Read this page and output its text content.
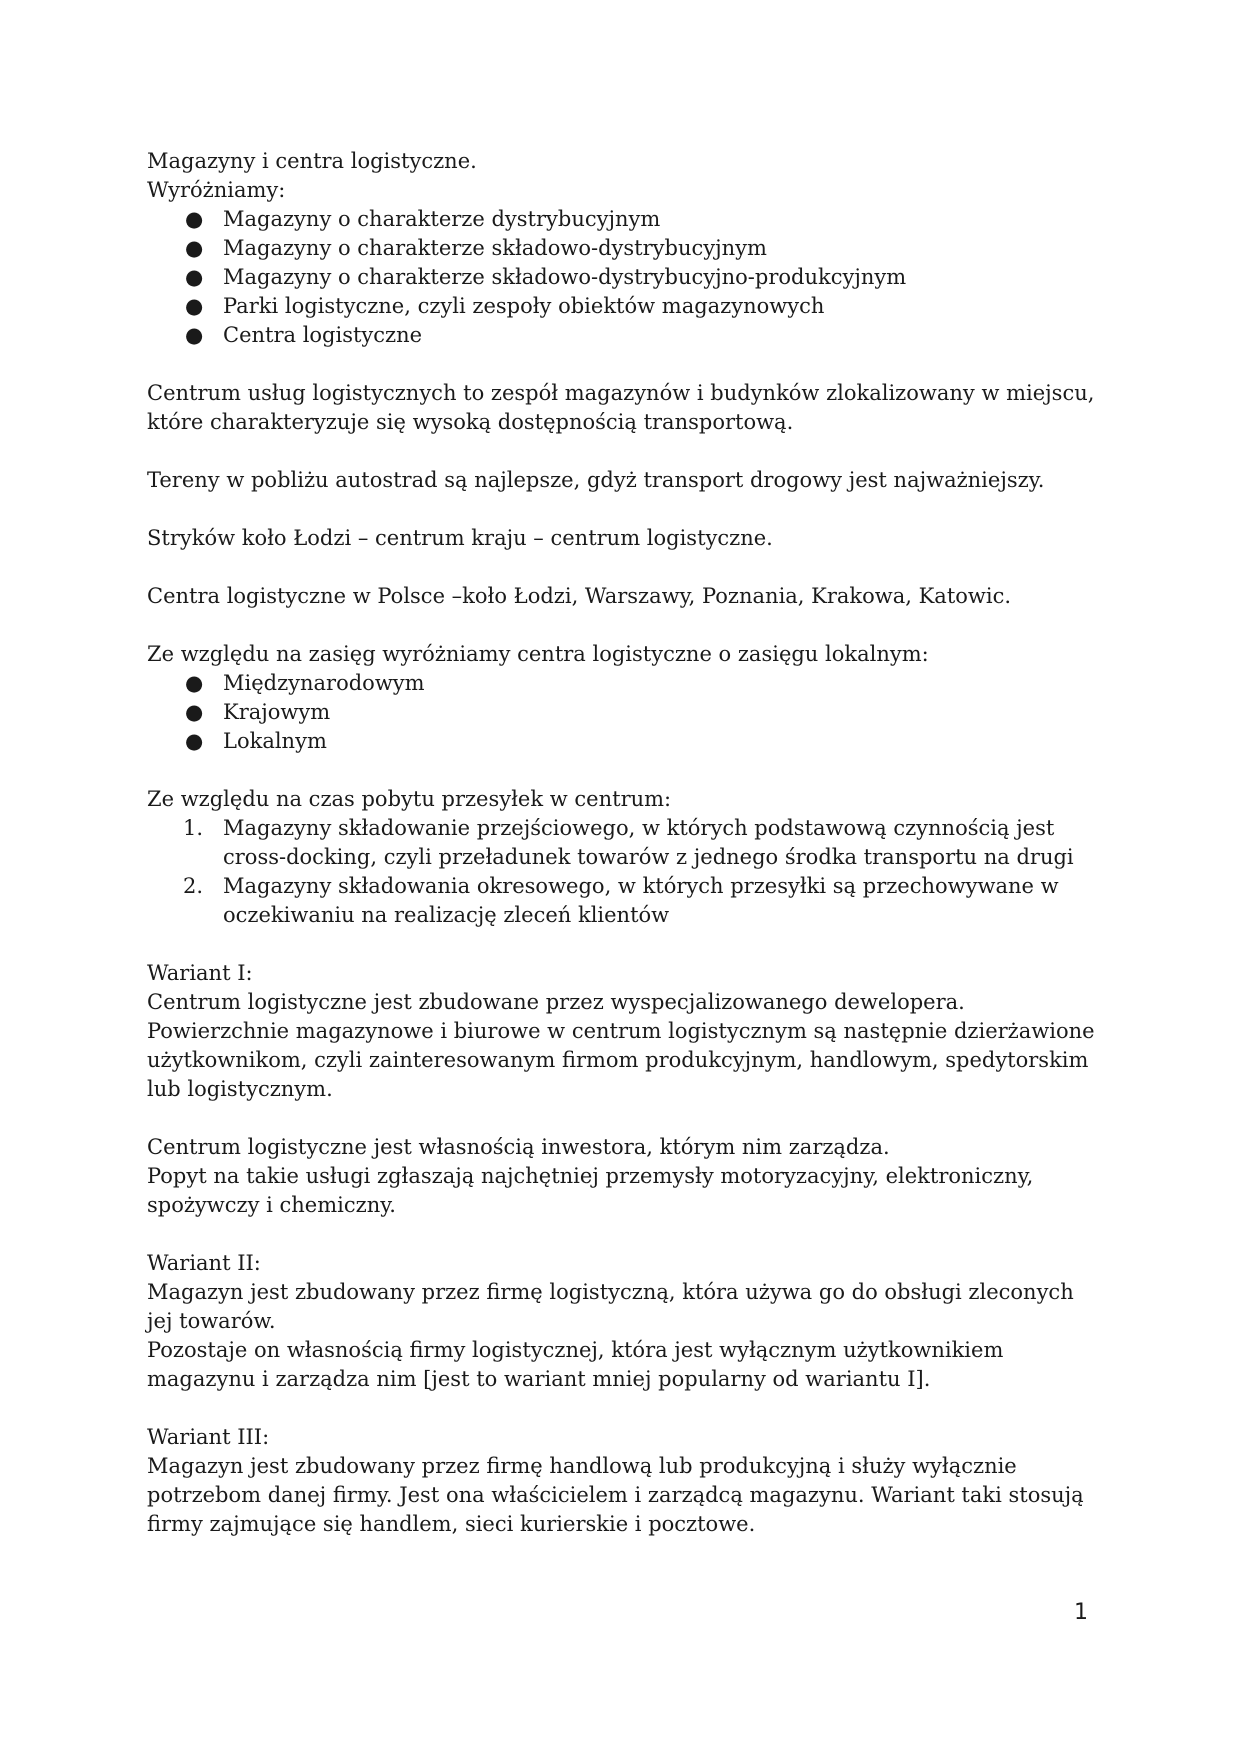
Magazyny i centra logistyczne.

Wyróżniamy:

● Magazyny o charakterze dystrybucyjnym
● Magazyny o charakterze składowo-dystrybucyjnym
● Magazyny o charakterze składowo-dystrybucyjno-produkcyjnym
● Parki logistyczne, czyli zespoły obiektów magazynowych
● Centra logistyczne

Centrum usług logistycznych to zespół magazynów i budynków zlokalizowany w miejscu, które charakteryzuje się wysoką dostępnością transportową.

Tereny w pobliżu autostrad są najlepsze, gdyż transport drogowy jest najważniejszy.

Stryków koło Łodzi – centrum kraju – centrum logistyczne.

Centra logistyczne w Polsce –koło Łodzi, Warszawy, Poznania, Krakowa, Katowic.

Ze względu na zasięg wyróżniamy centra logistyczne o zasięgu lokalnym:

● Międzynarodowym
● Krajowym
● Lokalnym

Ze względu na czas pobytu przesyłek w centrum:

1. Magazyny składowanie przejściowego, w których podstawową czynnością jest cross-docking, czyli przeładunek towarów z jednego środka transportu na drugi
2. Magazyny składowania okresowego, w których przesyłki są przechowywane w oczekiwaniu na realizację zleceń klientów

Wariant I:

Centrum logistyczne jest zbudowane przez wyspecjalizowanego dewelopera.

Powierzchnie magazynowe i biurowe w centrum logistycznym są następnie dzierżawione użytkownikom, czyli zainteresowanym firmom produkcyjnym, handlowym, spedytorskim lub logistycznym.

Centrum logistyczne jest własnością inwestora, którym nim zarządza.

Popyt na takie usługi zgłaszają najchętniej przemysły motoryzacyjny, elektroniczny, spożywczy i chemiczny.

Wariant II:

Magazyn jest zbudowany przez firmę logistyczną, która używa go do obsługi zleconych jej towarów.

Pozostaje on własnością firmy logistycznej, która jest wyłącznym użytkownikiem magazynu i zarządza nim [jest to wariant mniej popularny od wariantu I].

Wariant III:

Magazyn jest zbudowany przez firmę handlową lub produkcyjną i służy wyłącznie potrzebom danej firmy. Jest ona właścicielem i zarządcą magazynu. Wariant taki stosują firmy zajmujące się handlem, sieci kurierskie i pocztowe.

1
